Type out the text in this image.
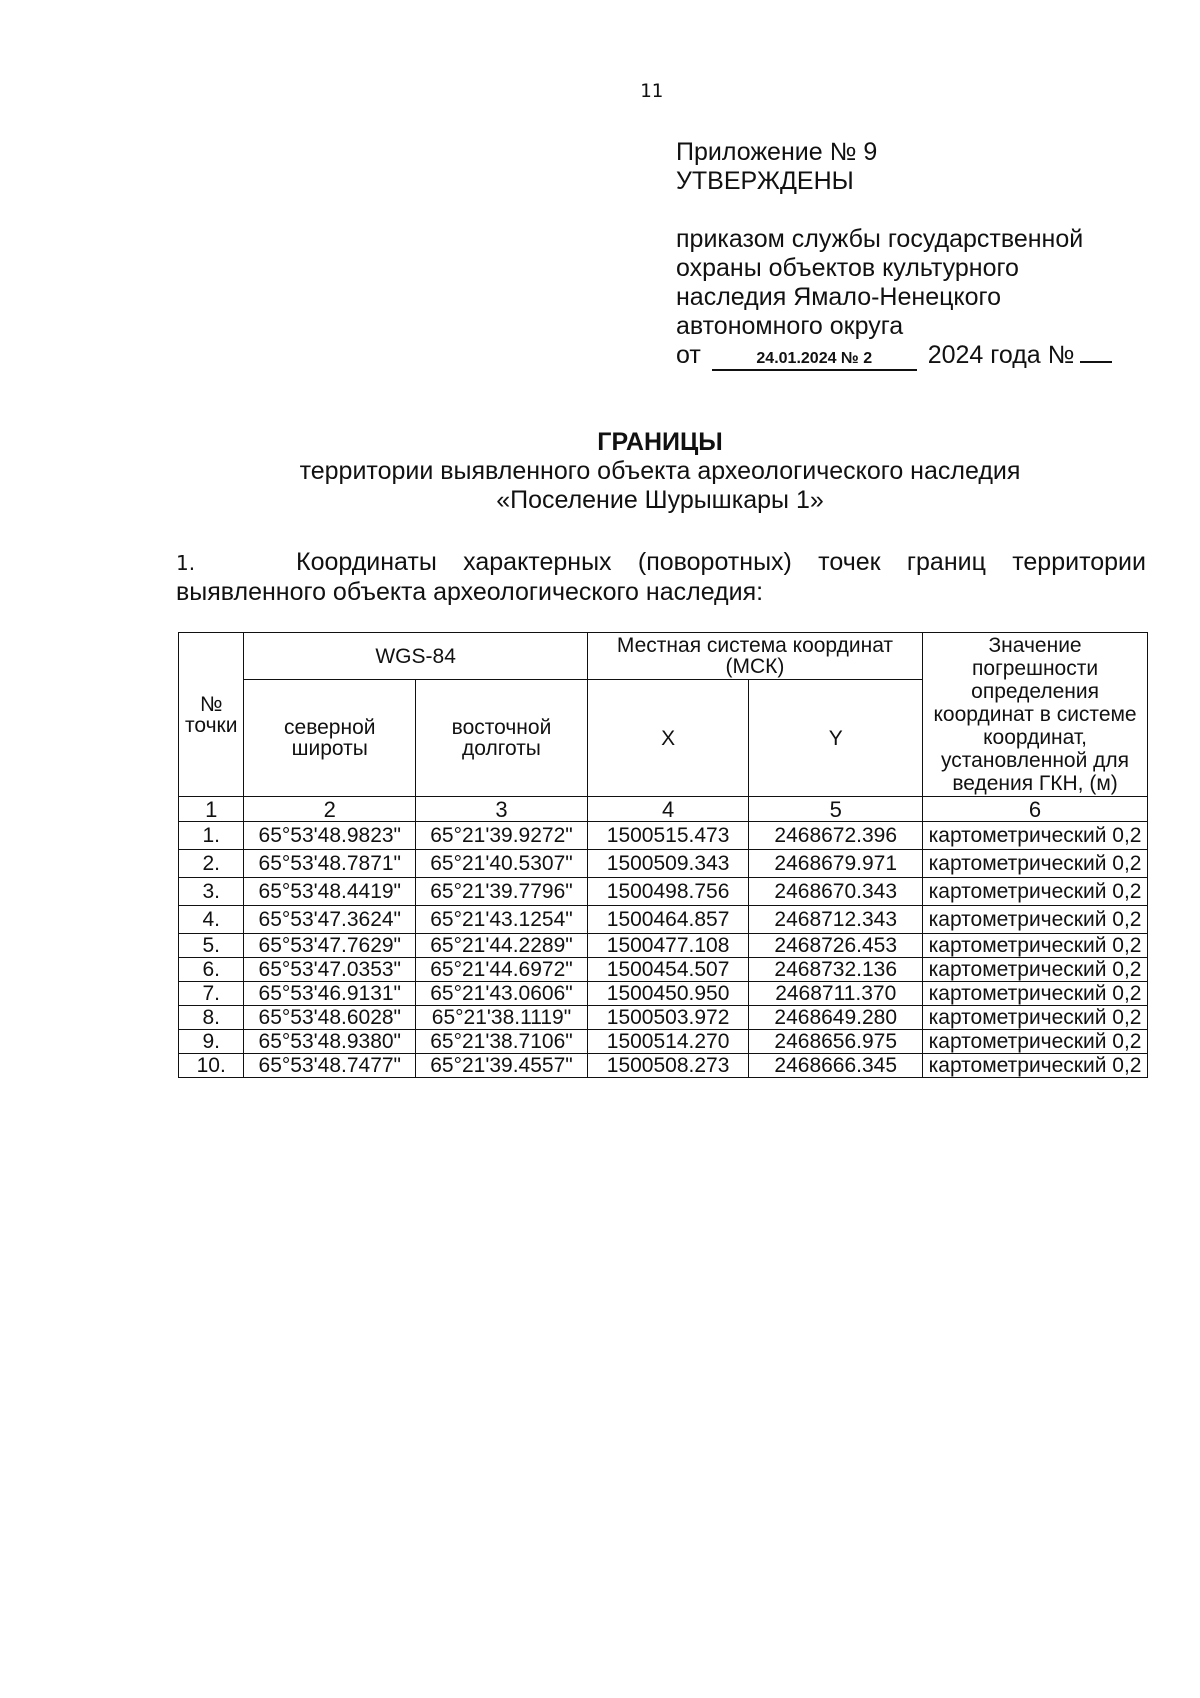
11
Приложение № 9
УТВЕРЖДЕНЫ
приказом службы государственной
охраны объектов культурного
наследия Ямало-Ненецкого
автономного округа
от	24.01.2024 № 2 2024 года №
ГРАНИЦЫ
территории выявленного объекта археологического наследия
«Поселение Шурышкары 1»
1.	Координаты характерных (поворотных) точек границ территории выявленного объекта археологического наследия:
№ точки	WGS-84		Местная система координат (МСК)		Значение погрешности определения координат в системе координат, установленной для ведения ГКН, (м)
	северной широты	восточной долготы	X	Y	
1	2	3	4	5	6
1.	65°53'48.9823"	65°21'39.9272"	1500515.473	2468672.396	картометрический 0,2
2.	65°53'48.7871"	65°21'40.5307"	1500509.343	2468679.971	картометрический 0,2
3.	65°53'48.4419"	65°21'39.7796"	1500498.756	2468670.343	картометрический 0,2
4.	65°53'47.3624"	65°21'43.1254"	1500464.857	2468712.343	картометрический 0,2
5.	65°53'47.7629"	65°21'44.2289"	1500477.108	2468726.453	картометрический 0,2
6.	65°53'47.0353"	65°21'44.6972"	1500454.507	2468732.136	картометрический 0,2
7.	65°53'46.9131"	65°21'43.0606"	1500450.950	2468711.370	картометрический 0,2
8.	65°53'48.6028"	65°21'38.1119"	1500503.972	2468649.280	картометрический 0,2
9.	65°53'48.9380"	65°21'38.7106"	1500514.270	2468656.975	картометрический 0,2
10.	65°53'48.7477"	65°21'39.4557"	1500508.273	2468666.345	картометрический 0,2
